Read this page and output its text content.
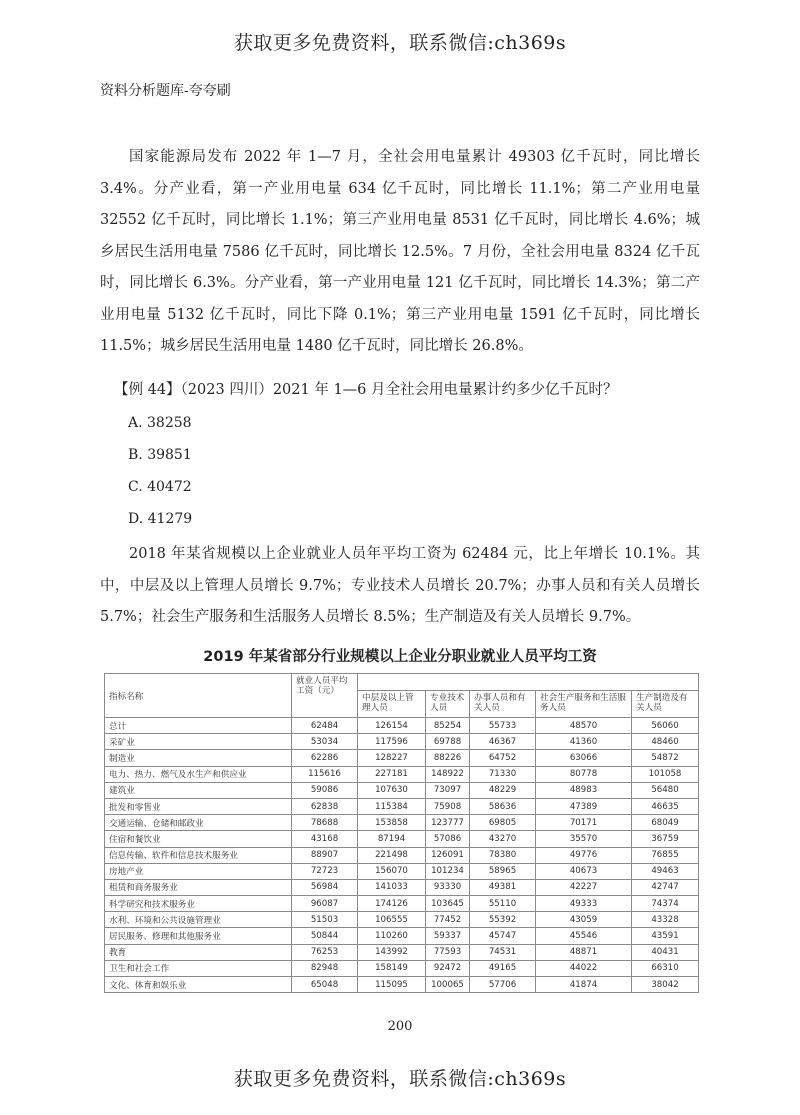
获取更多免费资料，联系微信:ch369s
资料分析题库-夸夸刷

国家能源局发布 2022 年 1—7 月，全社会用电量累计 49303 亿千瓦时，同比增长 3.4%。分产业看，第一产业用电量 634 亿千瓦时，同比增长 11.1%；第二产业用电量 32552 亿千瓦时，同比增长 1.1%；第三产业用电量 8531 亿千瓦时，同比增长 4.6%；城乡居民生活用电量 7586 亿千瓦时，同比增长 12.5%。7 月份，全社会用电量 8324 亿千瓦时，同比增长 6.3%。分产业看，第一产业用电量 121 亿千瓦时，同比增长 14.3%；第二产业用电量 5132 亿千瓦时，同比下降 0.1%；第三产业用电量 1591 亿千瓦时，同比增长 11.5%；城乡居民生活用电量 1480 亿千瓦时，同比增长 26.8%。

【例 44】（2023 四川）2021 年 1—6 月全社会用电量累计约多少亿千瓦时？
A. 38258
B. 39851
C. 40472
D. 41279

2018 年某省规模以上企业就业人员年平均工资为 62484 元，比上年增长 10.1%。其中，中层及以上管理人员增长 9.7%；专业技术人员增长 20.7%；办事人员和有关人员增长 5.7%；社会生产服务和生活服务人员增长 8.5%；生产制造及有关人员增长 9.7%。

2019 年某省部分行业规模以上企业分职业就业人员平均工资
指标名称	就业人员平均工资（元）					
		中层及以上管理人员	专业技术人员	办事人员和有关人员	社会生产服务和生活服务人员	生产制造及有关人员
总计	62484	126154	85254	55733	48570	56060
采矿业	53034	117596	69788	46367	41360	48460
制造业	62286	128227	88226	64752	63066	54872
电力、热力、燃气及水生产和供应业	115616	227181	148922	71330	80778	101058
建筑业	59086	107630	73097	48229	48983	56480
批发和零售业	62838	115384	75908	58636	47389	46635
交通运输、仓储和邮政业	78688	153858	123777	69805	70171	68049
住宿和餐饮业	43168	87194	57086	43270	35570	36759
信息传输、软件和信息技术服务业	88907	221498	126091	78380	49776	76855
房地产业	72723	156070	101234	58965	40673	49463
租赁和商务服务业	56984	141033	93330	49381	42227	42747
科学研究和技术服务业	96087	174126	103645	55110	49333	74374
水利、环境和公共设施管理业	51503	106555	77452	55392	43059	43328
居民服务、修理和其他服务业	50844	110260	59337	45747	45546	43591
教育	76253	143992	77593	74531	48871	40431
卫生和社会工作	82948	158149	92472	49165	44022	66310
文化、体育和娱乐业	65048	115095	100065	57706	41874	38042
200
获取更多免费资料，联系微信:ch369s
